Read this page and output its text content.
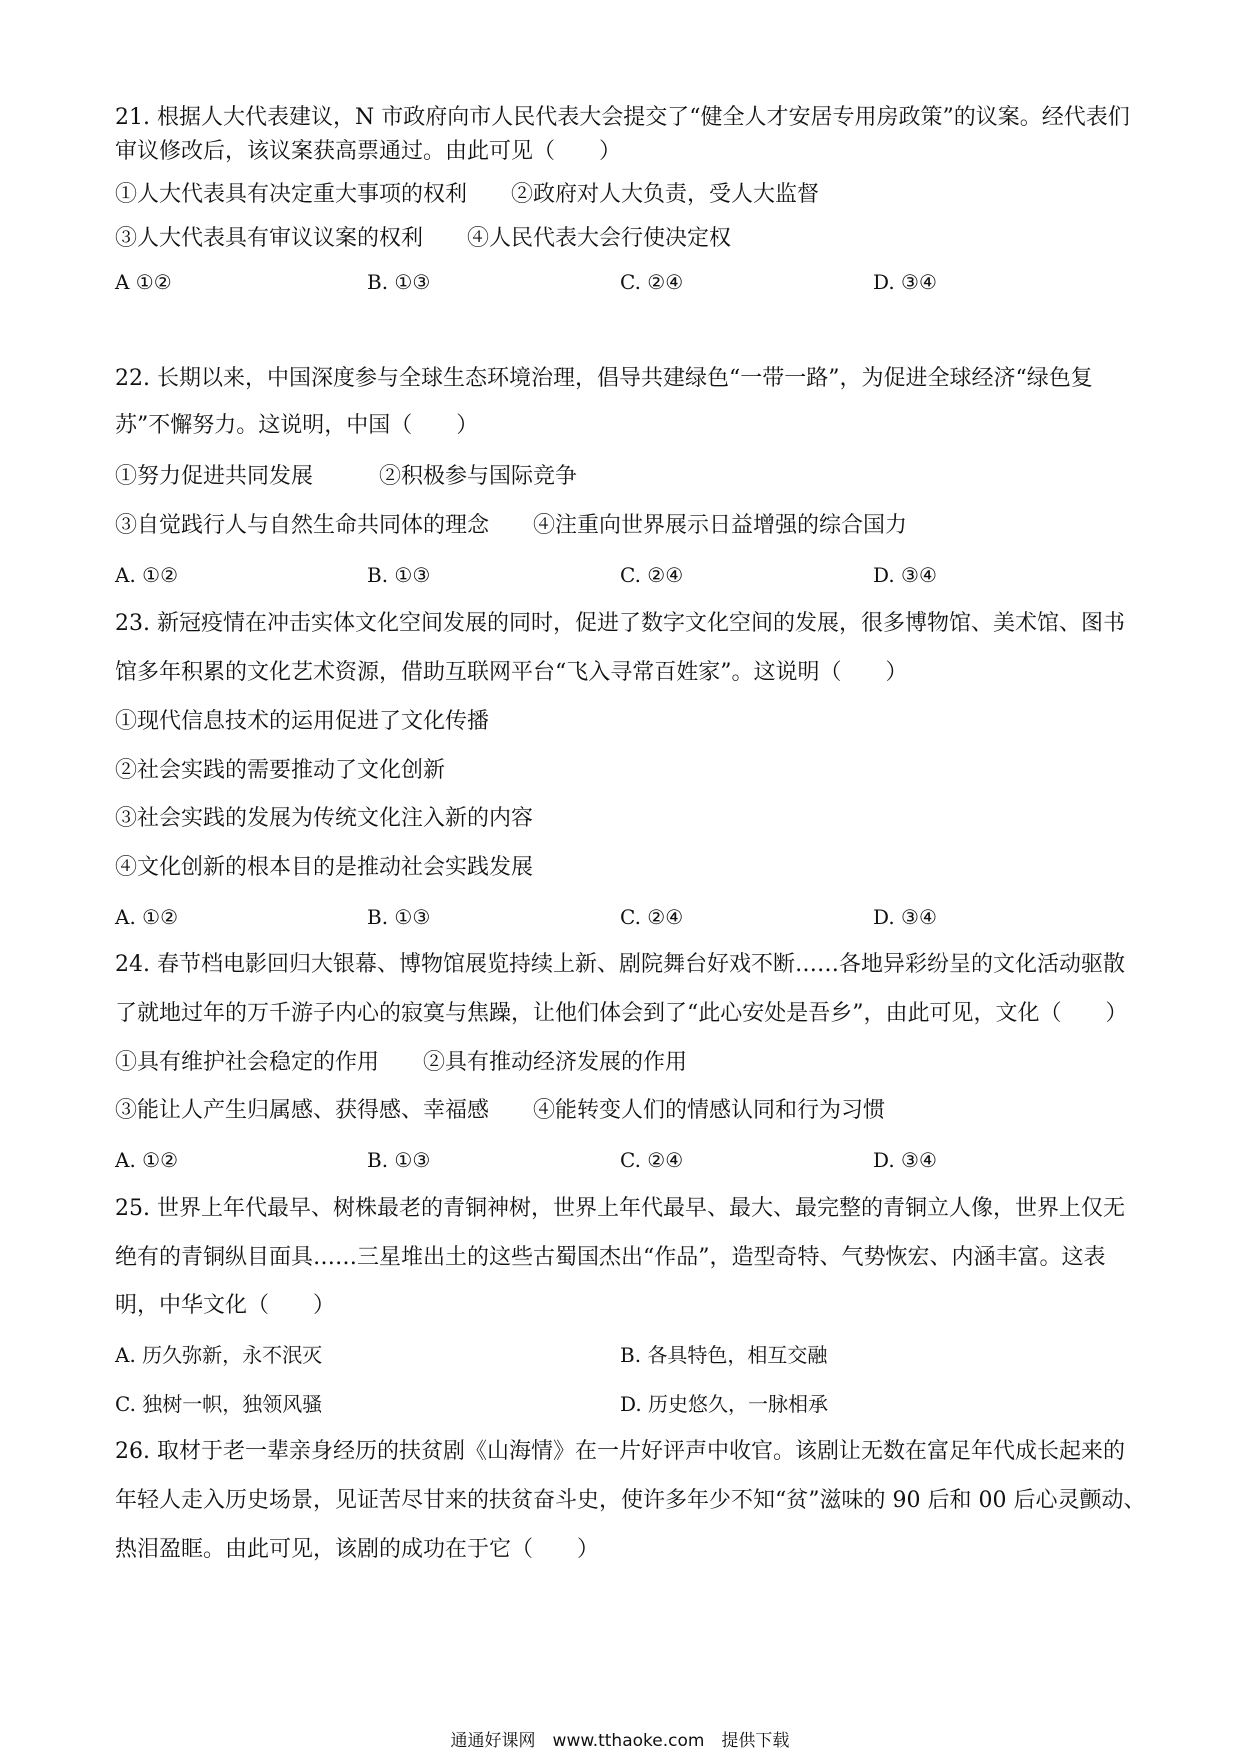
21. 根据人大代表建议，N 市政府向市人民代表大会提交了“健全人才安居专用房政策”的议案。经代表们
审议修改后，该议案获高票通过。由此可见（　　）
①人大代表具有决定重大事项的权利　　②政府对人大负责，受人大监督
③人大代表具有审议议案的权利　　④人民代表大会行使决定权
A ①②	B. ①③	C. ②④	D. ③④
22. 长期以来，中国深度参与全球生态环境治理，倡导共建绿色“一带一路”，为促进全球经济“绿色复
苏”不懈努力。这说明，中国（　　）
①努力促进共同发展　　　②积极参与国际竞争
③自觉践行人与自然生命共同体的理念　　④注重向世界展示日益增强的综合国力
A. ①②	B. ①③	C. ②④	D. ③④
23. 新冠疫情在冲击实体文化空间发展的同时，促进了数字文化空间的发展，很多博物馆、美术馆、图书
馆多年积累的文化艺术资源，借助互联网平台“飞入寻常百姓家”。这说明（　　）
①现代信息技术的运用促进了文化传播
②社会实践的需要推动了文化创新
③社会实践的发展为传统文化注入新的内容
④文化创新的根本目的是推动社会实践发展
A. ①②	B. ①③	C. ②④	D. ③④
24. 春节档电影回归大银幕、博物馆展览持续上新、剧院舞台好戏不断……各地异彩纷呈的文化活动驱散
了就地过年的万千游子内心的寂寞与焦躁，让他们体会到了“此心安处是吾乡”，由此可见，文化（　　）
①具有维护社会稳定的作用　　②具有推动经济发展的作用
③能让人产生归属感、获得感、幸福感　　④能转变人们的情感认同和行为习惯
A. ①②	B. ①③	C. ②④	D. ③④
25. 世界上年代最早、树株最老的青铜神树，世界上年代最早、最大、最完整的青铜立人像，世界上仅无
绝有的青铜纵目面具……三星堆出土的这些古蜀国杰出“作品”，造型奇特、气势恢宏、内涵丰富。这表
明，中华文化（　　）
A. 历久弥新，永不泯灭	B. 各具特色，相互交融
C. 独树一帜，独领风骚	D. 历史悠久，一脉相承
26. 取材于老一辈亲身经历的扶贫剧《山海情》在一片好评声中收官。该剧让无数在富足年代成长起来的
年轻人走入历史场景，见证苦尽甘来的扶贫奋斗史，使许多年少不知“贫”滋味的 90 后和 00 后心灵颤动、
热泪盈眶。由此可见，该剧的成功在于它（　　）
通通好课网　www.tthaoke.com　提供下载
